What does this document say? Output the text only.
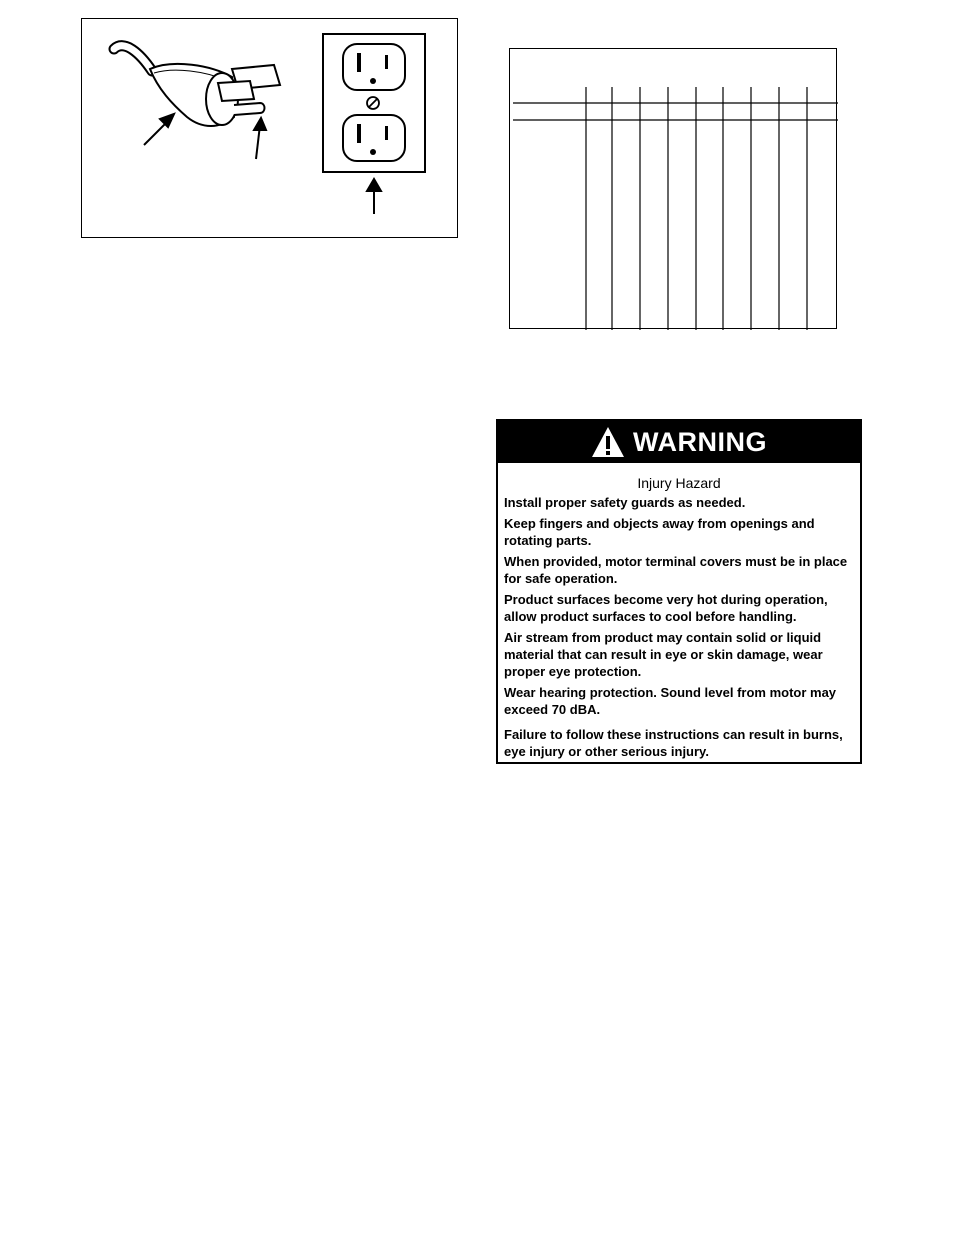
WARNING

Injury Hazard

Install proper safety guards as needed.

Keep fingers and objects away from openings and rotating parts.

When provided, motor terminal covers must be in place for safe operation.

Product surfaces become very hot during operation, allow product surfaces to cool before handling.

Air stream from product may contain solid or liquid material that can result in eye or skin damage, wear proper eye protection.

Wear hearing protection. Sound level from motor may exceed 70 dBA.

Failure to follow these instructions can result in burns, eye injury or other serious injury.
